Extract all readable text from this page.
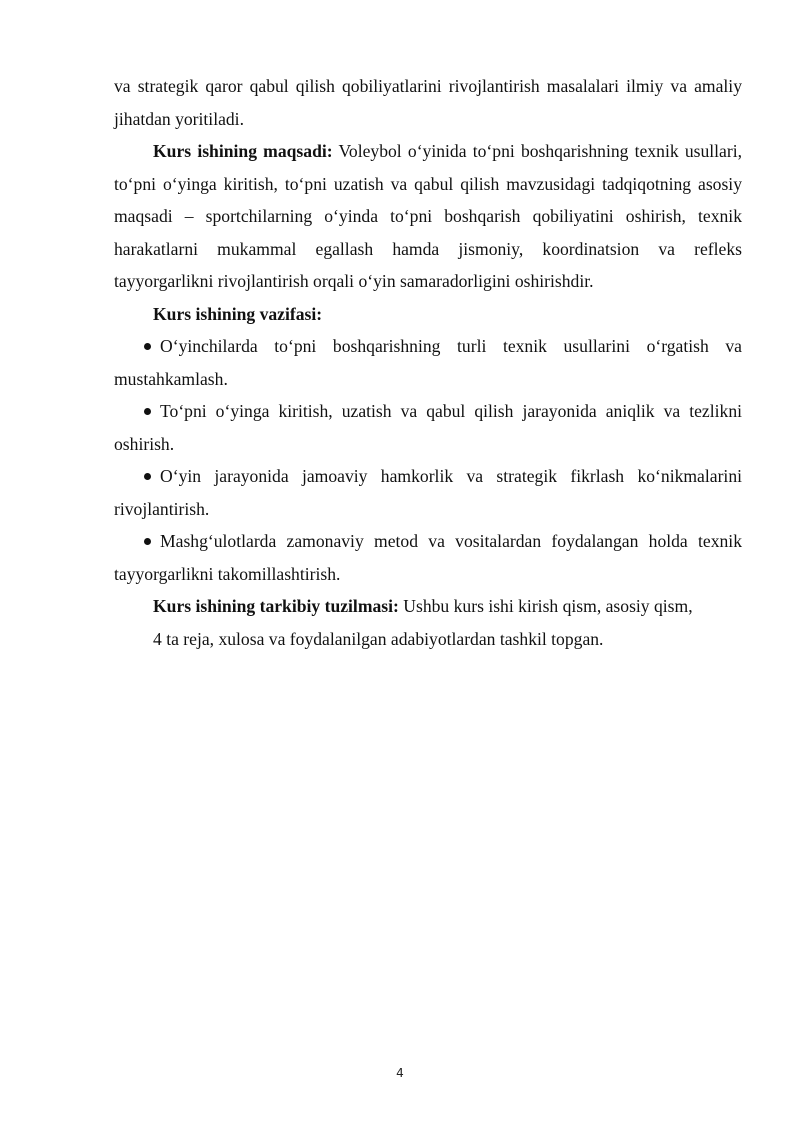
va strategik qaror qabul qilish qobiliyatlarini rivojlantirish masalalari ilmiy va amaliy jihatdan yoritiladi.

Kurs ishining maqsadi: Voleybol o‘yinida to‘pni boshqarishning texnik usullari, to‘pni o‘yinga kiritish, to‘pni uzatish va qabul qilish mavzusidagi tadqiqotning asosiy maqsadi – sportchilarning o‘yinda to‘pni boshqarish qobiliyatini oshirish, texnik harakatlarni mukammal egallash hamda jismoniy, koordinatsion va refleks tayyorgarlikni rivojlantirish orqali o‘yin samaradorligini oshirishdir.

Kurs ishining vazifasi:

O‘yinchilarda to‘pni boshqarishning turli texnik usullarini o‘rgatish va mustahkamlash.

To‘pni o‘yinga kiritish, uzatish va qabul qilish jarayonida aniqlik va tezlikni oshirish.

O‘yin jarayonida jamoaviy hamkorlik va strategik fikrlash ko‘nikmalarini rivojlantirish.

Mashg‘ulotlarda zamonaviy metod va vositalardan foydalangan holda texnik tayyorgarlikni takomillashtirish.

Kurs ishining tarkibiy tuzilmasi: Ushbu kurs ishi kirish qism, asosiy qism,
4 ta reja, xulosa va foydalanilgan adabiyotlardan tashkil topgan.

4
